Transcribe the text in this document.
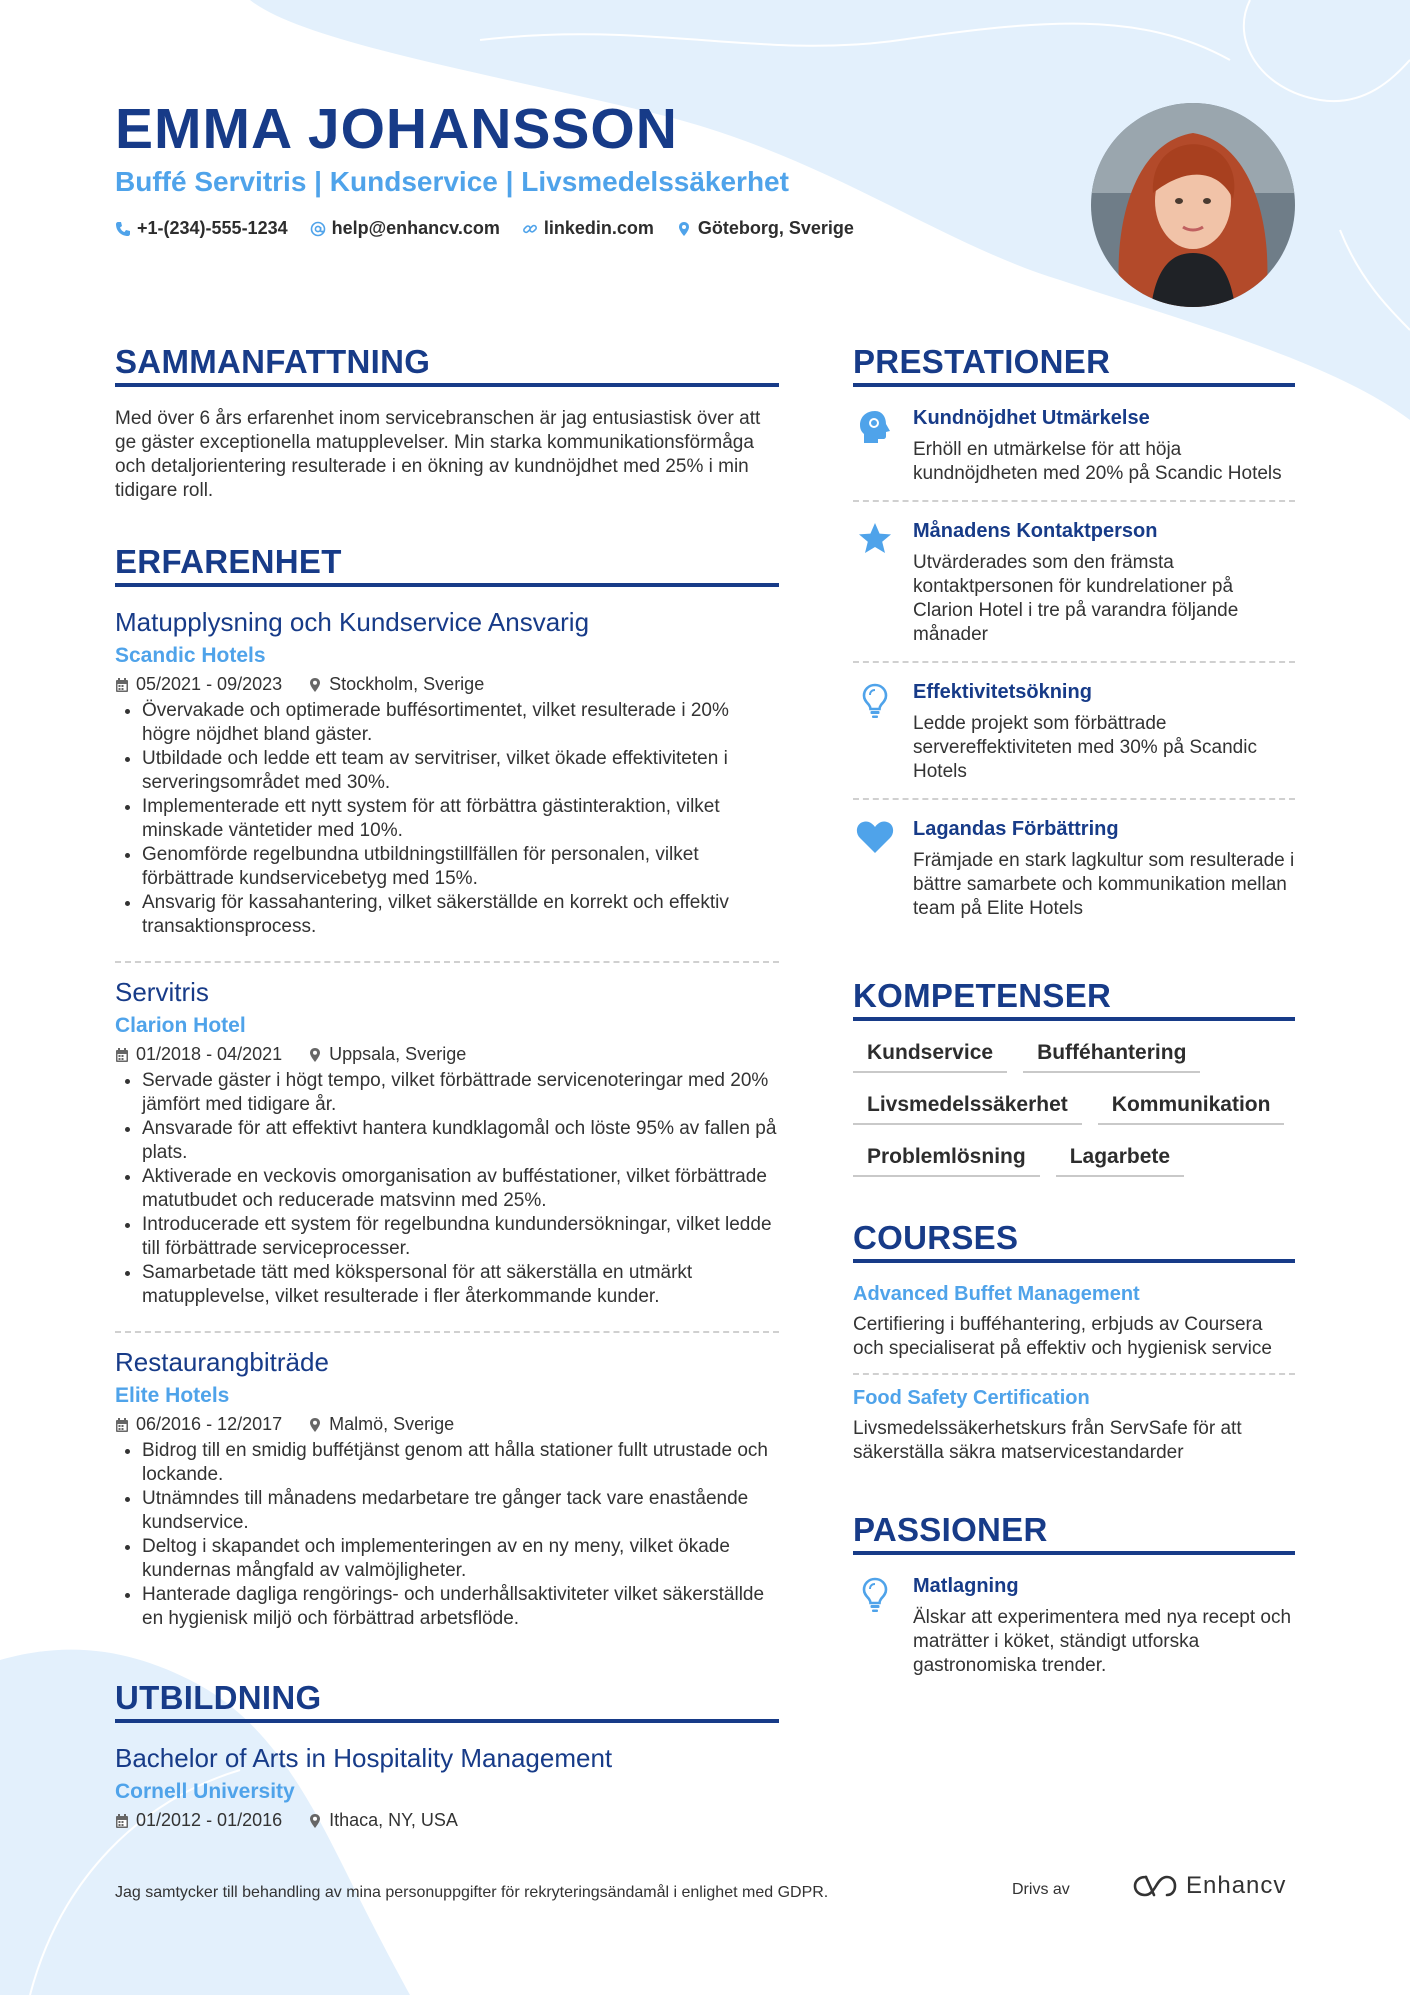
EMMA JOHANSSON
Buffé Servitris | Kundservice | Livsmedelssäkerhet
+1-(234)-555-1234 help@enhancv.com linkedin.com Göteborg, Sverige
SAMMANFATTNING

Med över 6 års erfarenhet inom servicebranschen är jag entusiastisk över att ge gäster exceptionella matupplevelser. Min starka kommunikationsförmåga och detaljorientering resulterade i en ökning av kundnöjdhet med 25% i min tidigare roll.

ERFARENHET
Matupplysning och Kundservice Ansvarig
Scandic Hotels
05/2021 - 09/2023	Stockholm, Sverige
• Övervakade och optimerade buffésortimentet, vilket resulterade i 20% högre nöjdhet bland gäster.
• Utbildade och ledde ett team av servitriser, vilket ökade effektiviteten i serveringsområdet med 30%.
• Implementerade ett nytt system för att förbättra gästinteraktion, vilket minskade väntetider med 10%.
• Genomförde regelbundna utbildningstillfällen för personalen, vilket förbättrade kundservicebetyg med 15%.
• Ansvarig för kassahantering, vilket säkerställde en korrekt och effektiv transaktionsprocess.
Servitris
Clarion Hotel
01/2018 - 04/2021	Uppsala, Sverige
• Servade gäster i högt tempo, vilket förbättrade servicenoteringar med 20% jämfört med tidigare år.
• Ansvarade för att effektivt hantera kundklagomål och löste 95% av fallen på plats.
• Aktiverade en veckovis omorganisation av bufféstationer, vilket förbättrade matutbudet och reducerade matsvinn med 25%.
• Introducerade ett system för regelbundna kundundersökningar, vilket ledde till förbättrade serviceprocesser.
• Samarbetade tätt med kökspersonal för att säkerställa en utmärkt matupplevelse, vilket resulterade i fler återkommande kunder.
Restaurangbiträde
Elite Hotels
06/2016 - 12/2017	Malmö, Sverige
• Bidrog till en smidig buffétjänst genom att hålla stationer fullt utrustade och lockande.
• Utnämndes till månadens medarbetare tre gånger tack vare enastående kundservice.
• Deltog i skapandet och implementeringen av en ny meny, vilket ökade kundernas mångfald av valmöjligheter.
• Hanterade dagliga rengörings- och underhållsaktiviteter vilket säkerställde en hygienisk miljö och förbättrad arbetsflöde.
UTBILDNING
Bachelor of Arts in Hospitality Management
Cornell University
01/2012 - 01/2016	Ithaca, NY, USA
PRESTATIONER
Kundnöjdhet Utmärkelse

Erhöll en utmärkelse för att höja kundnöjdheten med 20% på Scandic Hotels

Månadens Kontaktperson

Utvärderades som den främsta kontaktpersonen för kundrelationer på Clarion Hotel i tre på varandra följande månader

Effektivitetsökning

Ledde projekt som förbättrade servereffektiviteten med 30% på Scandic Hotels

Lagandas Förbättring

Främjade en stark lagkultur som resulterade i bättre samarbete och kommunikation mellan team på Elite Hotels

KOMPETENSER
Kundservice	Bufféhantering
Livsmedelssäkerhet	Kommunikation
Problemlösning	Lagarbete
COURSES
Advanced Buffet Management

Certifiering i bufféhantering, erbjuds av Coursera och specialiserat på effektiv och hygienisk service

Food Safety Certification

Livsmedelssäkerhetskurs från ServSafe för att säkerställa säkra matservicestandarder

PASSIONER
Matlagning

Älskar att experimentera med nya recept och maträtter i köket, ständigt utforska gastronomiska trender.

Jag samtycker till behandling av mina personuppgifter för rekryteringsändamål i enlighet med GDPR.	Drivs av	Enhancv
